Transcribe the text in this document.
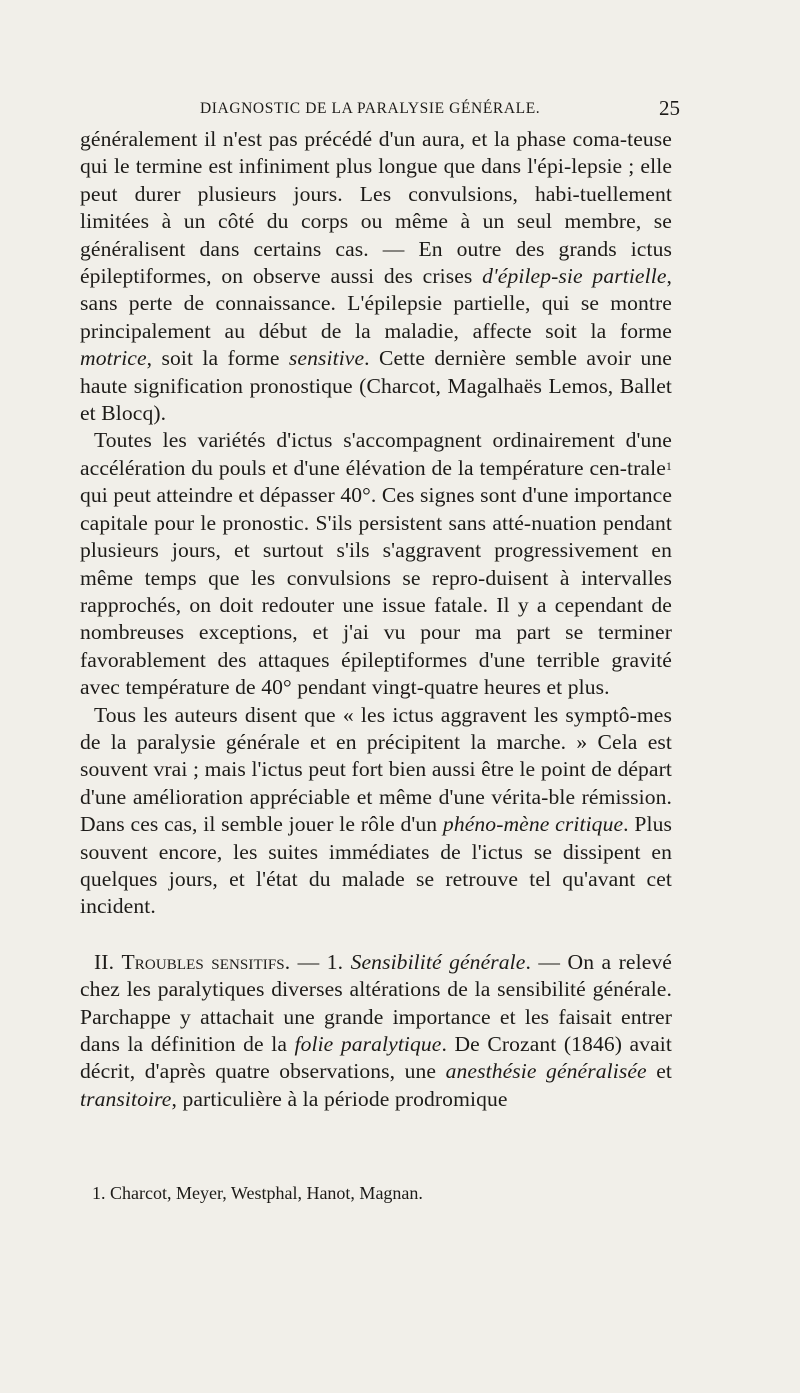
DIAGNOSTIC DE LA PARALYSIE GÉNÉRALE.	25

généralement il n'est pas précédé d'un aura, et la phase coma-teuse qui le termine est infiniment plus longue que dans l'épi-lepsie ; elle peut durer plusieurs jours. Les convulsions, habi-tuellement limitées à un côté du corps ou même à un seul membre, se généralisent dans certains cas. — En outre des grands ictus épileptiformes, on observe aussi des crises d'épilep-sie partielle, sans perte de connaissance. L'épilepsie partielle, qui se montre principalement au début de la maladie, affecte soit la forme motrice, soit la forme sensitive. Cette dernière semble avoir une haute signification pronostique (Charcot, Magalhaës Lemos, Ballet et Blocq).

Toutes les variétés d'ictus s'accompagnent ordinairement d'une accélération du pouls et d'une élévation de la température cen-trale$^1$ qui peut atteindre et dépasser 40°. Ces signes sont d'une importance capitale pour le pronostic. S'ils persistent sans atté-nuation pendant plusieurs jours, et surtout s'ils s'aggravent progressivement en même temps que les convulsions se repro-duisent à intervalles rapprochés, on doit redouter une issue fatale. Il y a cependant de nombreuses exceptions, et j'ai vu pour ma part se terminer favorablement des attaques épileptiformes d'une terrible gravité avec température de 40° pendant vingt-quatre heures et plus.

Tous les auteurs disent que « les ictus aggravent les symptô-mes de la paralysie générale et en précipitent la marche. » Cela est souvent vrai ; mais l'ictus peut fort bien aussi être le point de départ d'une amélioration appréciable et même d'une vérita-ble rémission. Dans ces cas, il semble jouer le rôle d'un phéno-mène critique. Plus souvent encore, les suites immédiates de l'ictus se dissipent en quelques jours, et l'état du malade se retrouve tel qu'avant cet incident.

II. Troubles sensitifs. — 1. Sensibilité générale. — On a relevé chez les paralytiques diverses altérations de la sensibilité générale. Parchappe y attachait une grande importance et les faisait entrer dans la définition de la folie paralytique. De Crozant (1846) avait décrit, d'après quatre observations, une anesthésie généralisée et transitoire, particulière à la période prodromique

1. Charcot, Meyer, Westphal, Hanot, Magnan.
